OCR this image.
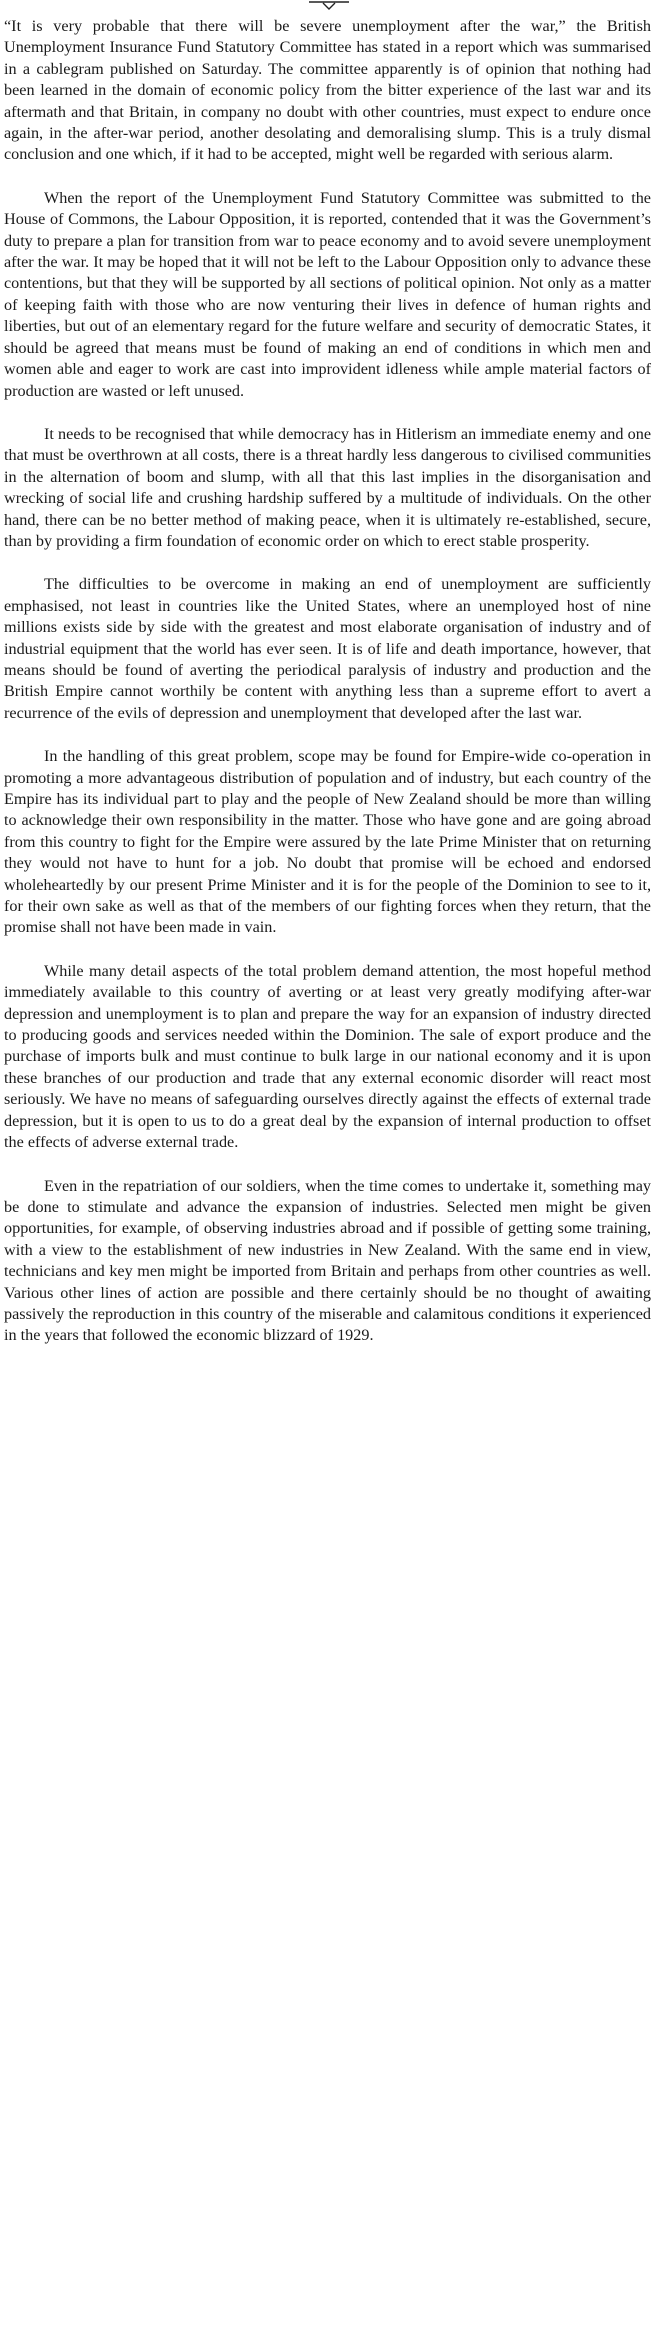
“It is very probable that there will be severe unemployment after the war,” the British Unemployment Insurance Fund Statutory Committee has stated in a report which was summarised in a cablegram published on Saturday. The committee apparently is of opinion that nothing had been learned in the domain of economic policy from the bitter experience of the last war and its aftermath and that Britain, in company no doubt with other countries, must expect to endure once again, in the after-war period, another desolating and demoralising slump. This is a truly dismal conclusion and one which, if it had to be accepted, might well be regarded with serious alarm.

When the report of the Unemployment Fund Statutory Committee was submitted to the House of Commons, the Labour Opposition, it is reported, contended that it was the Government’s duty to prepare a plan for transition from war to peace economy and to avoid severe unemployment after the war. It may be hoped that it will not be left to the Labour Opposition only to advance these contentions, but that they will be supported by all sections of political opinion. Not only as a matter of keeping faith with those who are now venturing their lives in defence of human rights and liberties, but out of an elementary regard for the future welfare and security of democratic States, it should be agreed that means must be found of making an end of conditions in which men and women able and eager to work are cast into improvident idleness while ample material factors of production are wasted or left unused.

It needs to be recognised that while democracy has in Hitlerism an immediate enemy and one that must be overthrown at all costs, there is a threat hardly less dangerous to civilised communities in the alternation of boom and slump, with all that this last implies in the disorganisation and wrecking of social life and crushing hardship suffered by a multitude of individuals. On the other hand, there can be no better method of making peace, when it is ultimately re-established, secure, than by providing a firm foundation of economic order on which to erect stable prosperity.

The difficulties to be overcome in making an end of unemployment are sufficiently emphasised, not least in countries like the United States, where an unemployed host of nine millions exists side by side with the greatest and most elaborate organisation of industry and of industrial equipment that the world has ever seen. It is of life and death importance, however, that means should be found of averting the periodical paralysis of industry and production and the British Empire cannot worthily be content with anything less than a supreme effort to avert a recurrence of the evils of depression and unemployment that developed after the last war.

In the handling of this great problem, scope may be found for Empire-wide co-operation in promoting a more advantageous distribution of population and of industry, but each country of the Empire has its individual part to play and the people of New Zealand should be more than willing to acknowledge their own responsibility in the matter. Those who have gone and are going abroad from this country to fight for the Empire were assured by the late Prime Minister that on returning they would not have to hunt for a job. No doubt that promise will be echoed and endorsed wholeheartedly by our present Prime Minister and it is for the people of the Dominion to see to it, for their own sake as well as that of the members of our fighting forces when they return, that the promise shall not have been made in vain.

While many detail aspects of the total problem demand attention, the most hopeful method immediately available to this country of averting or at least very greatly modifying after-war depression and unemployment is to plan and prepare the way for an expansion of industry directed to producing goods and services needed within the Dominion. The sale of export produce and the purchase of imports bulk and must continue to bulk large in our national economy and it is upon these branches of our production and trade that any external economic disorder will react most seriously. We have no means of safeguarding ourselves directly against the effects of external trade depression, but it is open to us to do a great deal by the expansion of internal production to offset the effects of adverse external trade.

Even in the repatriation of our soldiers, when the time comes to undertake it, something may be done to stimulate and advance the expansion of industries. Selected men might be given opportunities, for example, of observing industries abroad and if possible of getting some training, with a view to the establishment of new industries in New Zealand. With the same end in view, technicians and key men might be imported from Britain and perhaps from other countries as well. Various other lines of action are possible and there certainly should be no thought of awaiting passively the reproduction in this country of the miserable and calamitous conditions it experienced in the years that followed the economic blizzard of 1929.
